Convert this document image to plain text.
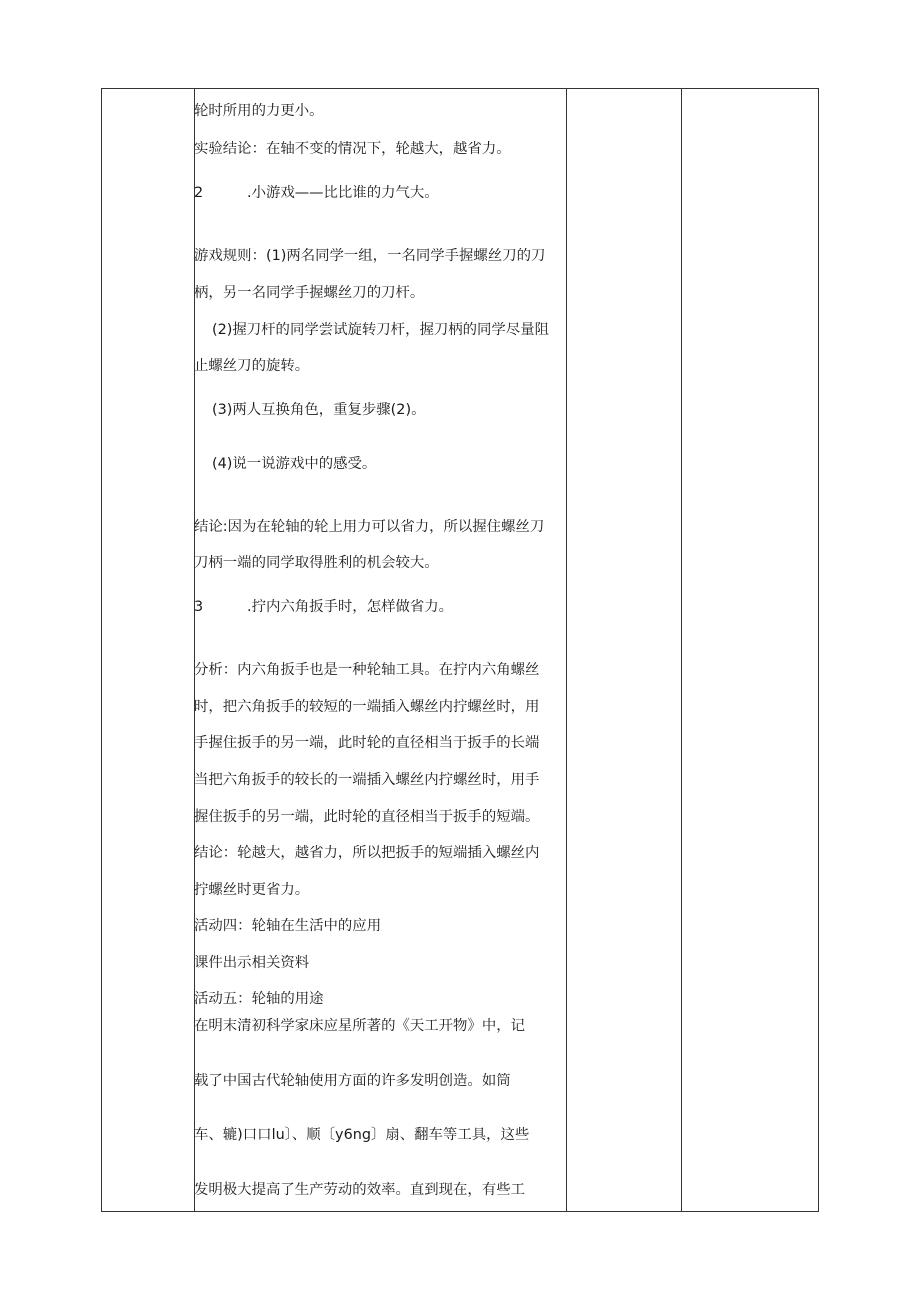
轮时所用的力更小。
实验结论：在轴不变的情况下，轮越大，越省力。
2	.小游戏——比比谁的力气大。
游戏规则：(1)两名同学一组，一名同学手握螺丝刀的刀
柄，另一名同学手握螺丝刀的刀杆。
(2)握刀杆的同学尝试旋转刀杆，握刀柄的同学尽量阻
止螺丝刀的旋转。
(3)两人互换角色，重复步骤(2)。
(4)说一说游戏中的感受。
结论:因为在轮轴的轮上用力可以省力，所以握住螺丝刀
刀柄一端的同学取得胜利的机会较大。
3	.拧内六角扳手时，怎样做省力。
分析：内六角扳手也是一种轮轴工具。在拧内六角螺丝
时，把六角扳手的较短的一端插入螺丝内拧螺丝时，用
手握住扳手的另一端，此时轮的直径相当于扳手的长端
当把六角扳手的较长的一端插入螺丝内拧螺丝时，用手
握住扳手的另一端，此时轮的直径相当于扳手的短端。
结论：轮越大，越省力，所以把扳手的短端插入螺丝内
拧螺丝时更省力。
活动四：轮轴在生活中的应用
课件出示相关资料
活动五：轮轴的用途
在明末清初科学家床应星所著的《天工开物》中，记
载了中国古代轮轴使用方面的许多发明创造。如筒
车、辘)口口lu〕、顺〔y6ng〕扇、翻车等工具，这些
发明极大提高了生产劳动的效率。直到现在，有些工
